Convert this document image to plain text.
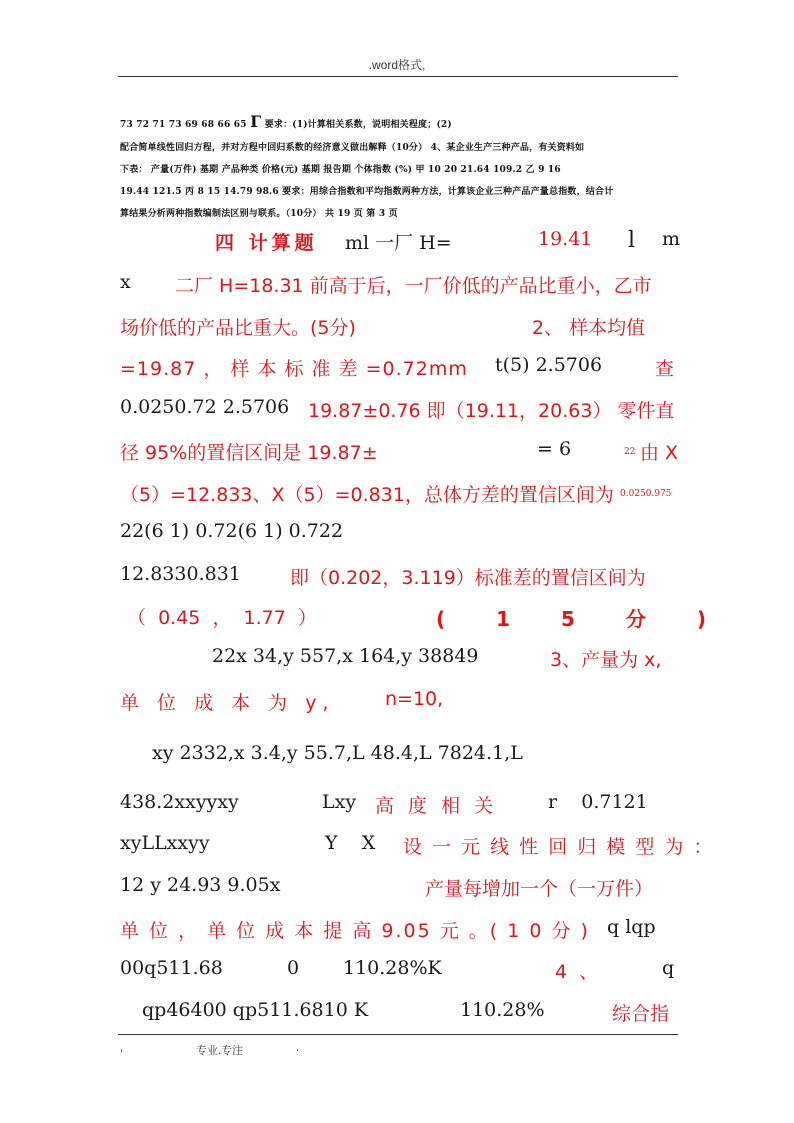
.word格式,
73 72 71 73 69 68 66 65 Г 要求：(1)计算相关系数，说明相关程度；(2)
配合简单线性回归方程，并对方程中回归系数的经济意义做出解释（10分） 4、某企业生产三种产品，有关资料如
下表： 产量(万件) 基期 产品种类 价格(元) 基期 报告期 个体指数 (%) 甲 10 20 21.64 109.2 乙 9 16
19.44 121.5 丙 8 15 14.79 98.6 要求：用综合指数和平均指数两种方法，计算该企业三种产品产量总指数，结合计
算结果分析两种指数编制法区别与联系。（10分） 共 19 页 第 3 页
四 计算题 ml 一厂 H=	19.41 l m
x 二厂 H=18.31 前高于后，一厂价低的产品比重小，乙市
场价低的产品比重大。(5分)	2、 样本均值
=19.87 ， 样 本 标 准 差 =0.72mm t(5) 2.5706	查
0.0250.72 2.5706 19.87±0.76 即（19.11，20.63） 零件直
径 95%的置信区间是 19.87±	= 6	22 由 X
（5）=12.833、X（5）=0.831，总体方差的置信区间为 0.0250.975
22(6 1) 0.72(6 1) 0.722
12.8330.831	即（0.202，3.119）标准差的置信区间为
（  0.45  ，  1.77  ）	( 1 5 分 )
22x 34,y 557,x 164,y 38849	3、产量为 x,
单 位 成 本 为 y,	n=10,
xy 2332,x 3.4,y 55.7,L 48.4,L 7824.1,L
438.2xxyyxy	Lxy 高 度 相 关	r    0.7121
xyLLxxyy	Y    X 设 一 元 线 性 回 归 模 型 为 ：
12 y 24.93 9.05x	产量每增加一个（一万件）
单 位 ， 单 位 成 本 提 高 9.05 元 。( 1 0 分 ) q lqp
00q511.68	0 110.28%K	4  、	q
qp46400 qp511.6810 K	110.28%	综合指
,	专业.专注	.
